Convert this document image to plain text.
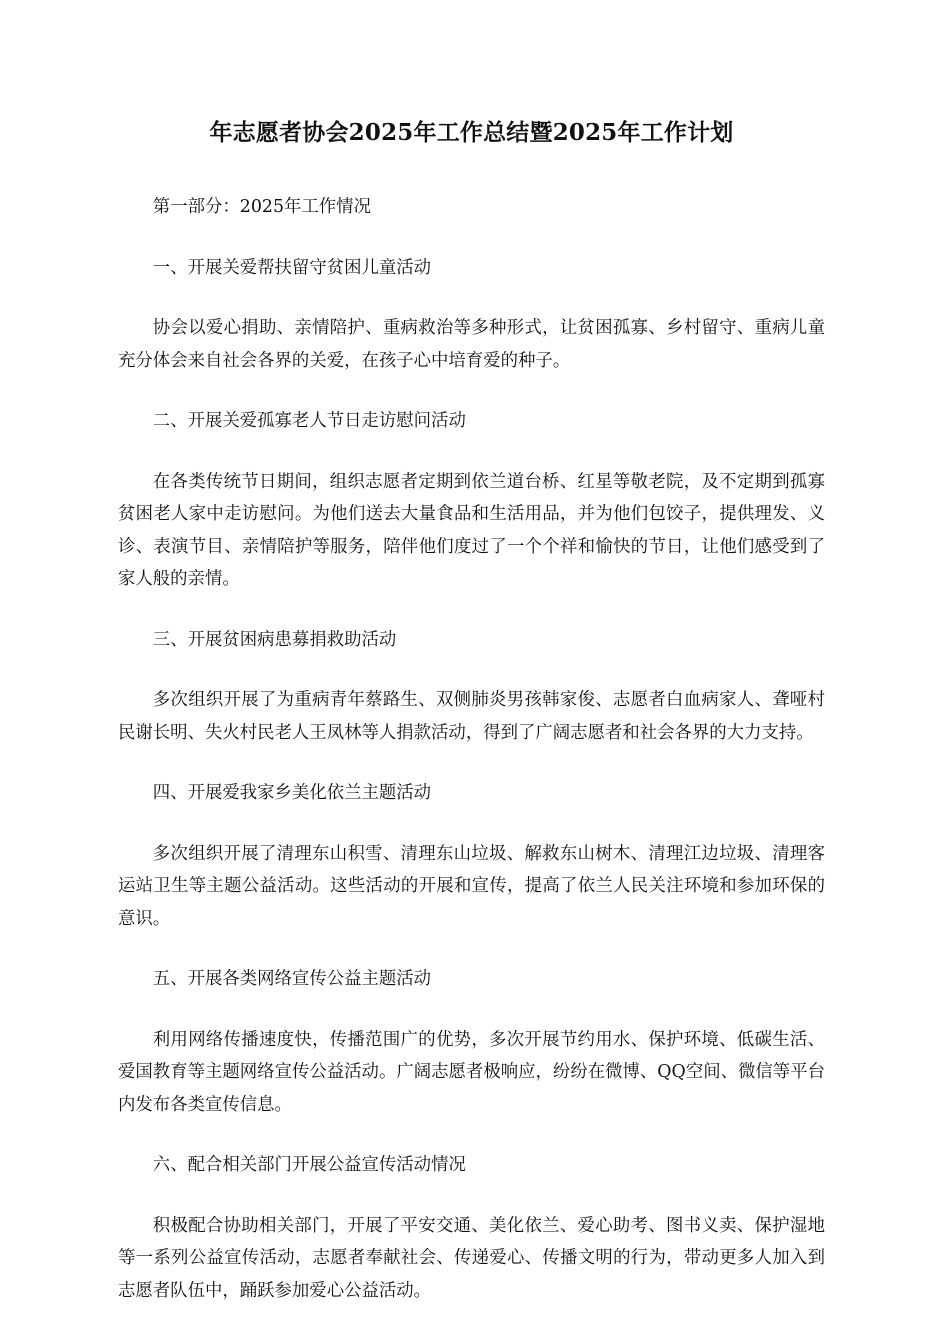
年志愿者协会2025年工作总结暨2025年工作计划

第一部分：2025年工作情况

一、开展关爱帮扶留守贫困儿童活动

协会以爱心捐助、亲情陪护、重病救治等多种形式，让贫困孤寡、乡村留守、重病儿童充分体会来自社会各界的关爱，在孩子心中培育爱的种子。

二、开展关爱孤寡老人节日走访慰问活动

在各类传统节日期间，组织志愿者定期到依兰道台桥、红星等敬老院，及不定期到孤寡贫困老人家中走访慰问。为他们送去大量食品和生活用品，并为他们包饺子，提供理发、义诊、表演节目、亲情陪护等服务，陪伴他们度过了一个个祥和愉快的节日，让他们感受到了家人般的亲情。

三、开展贫困病患募捐救助活动

多次组织开展了为重病青年蔡路生、双侧肺炎男孩韩家俊、志愿者白血病家人、聋哑村民谢长明、失火村民老人王凤林等人捐款活动，得到了广阔志愿者和社会各界的大力支持。

四、开展爱我家乡美化依兰主题活动

多次组织开展了清理东山积雪、清理东山垃圾、解救东山树木、清理江边垃圾、清理客运站卫生等主题公益活动。这些活动的开展和宣传，提高了依兰人民关注环境和参加环保的意识。

五、开展各类网络宣传公益主题活动

利用网络传播速度快，传播范围广的优势，多次开展节约用水、保护环境、低碳生活、爱国教育等主题网络宣传公益活动。广阔志愿者极响应，纷纷在微博、QQ空间、微信等平台内发布各类宣传信息。

六、配合相关部门开展公益宣传活动情况

积极配合协助相关部门，开展了平安交通、美化依兰、爱心助考、图书义卖、保护湿地等一系列公益宣传活动，志愿者奉献社会、传递爱心、传播文明的行为，带动更多人加入到志愿者队伍中，踊跃参加爱心公益活动。
